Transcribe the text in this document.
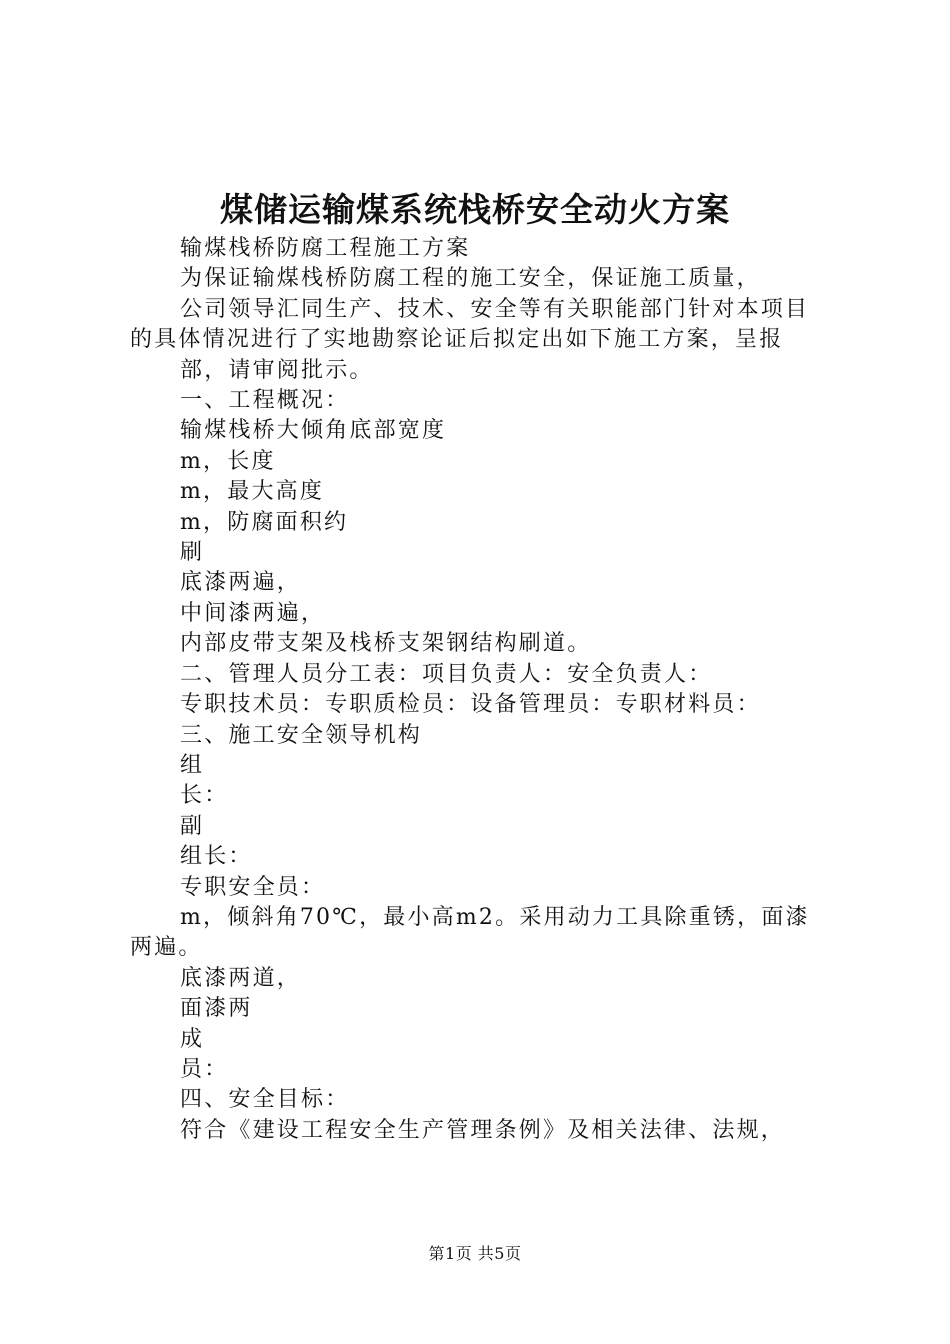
煤储运输煤系统栈桥安全动火方案

输煤栈桥防腐工程施工方案

为保证输煤栈桥防腐工程的施工安全，保证施工质量，

公司领导汇同生产、技术、安全等有关职能部门针对本项目的具体情况进行了实地勘察论证后拟定出如下施工方案，呈报

部，请审阅批示。

一、工程概况：

输煤栈桥大倾角底部宽度

m，长度

m，最大高度

m，防腐面积约

刷

底漆两遍，

中间漆两遍，

内部皮带支架及栈桥支架钢结构刷道。

二、管理人员分工表：项目负责人：安全负责人：

专职技术员：专职质检员：设备管理员：专职材料员：

三、施工安全领导机构

组

长：

副

组长：

专职安全员：

m，倾斜角70℃，最小高m2。采用动力工具除重锈，面漆两遍。

底漆两道，

面漆两

成

员：

四、安全目标：

符合《建设工程安全生产管理条例》及相关法律、法规，

第1页 共5页
